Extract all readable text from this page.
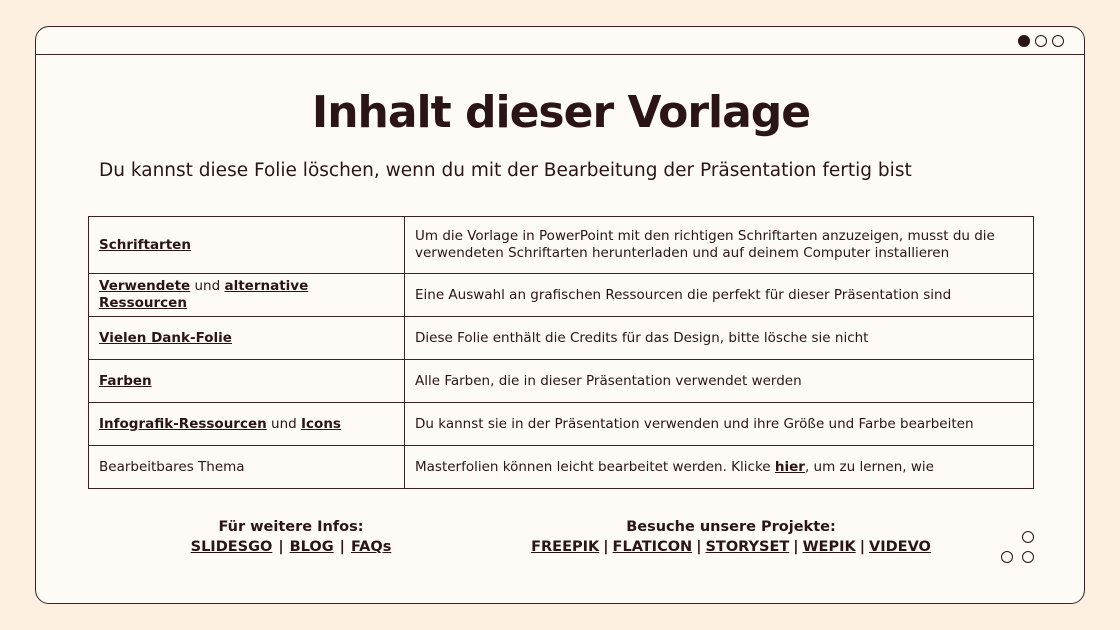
Inhalt dieser Vorlage
Du kannst diese Folie löschen, wenn du mit der Bearbeitung der Präsentation fertig bist
Schriftarten	Um die Vorlage in PowerPoint mit den richtigen Schriftarten anzuzeigen, musst du die verwendeten Schriftarten herunterladen und auf deinem Computer installieren
Verwendete und alternative Ressourcen	Eine Auswahl an grafischen Ressourcen die perfekt für dieser Präsentation sind
Vielen Dank-Folie	Diese Folie enthält die Credits für das Design, bitte lösche sie nicht
Farben	Alle Farben, die in dieser Präsentation verwendet werden
Infografik-Ressourcen und Icons	Du kannst sie in der Präsentation verwenden und ihre Größe und Farbe bearbeiten
Bearbeitbares Thema	Masterfolien können leicht bearbeitet werden. Klicke hier, um zu lernen, wie
Für weitere Infos:
SLIDESGO | BLOG | FAQs
Besuche unsere Projekte:
FREEPIK | FLATICON | STORYSET | WEPIK | VIDEVO
